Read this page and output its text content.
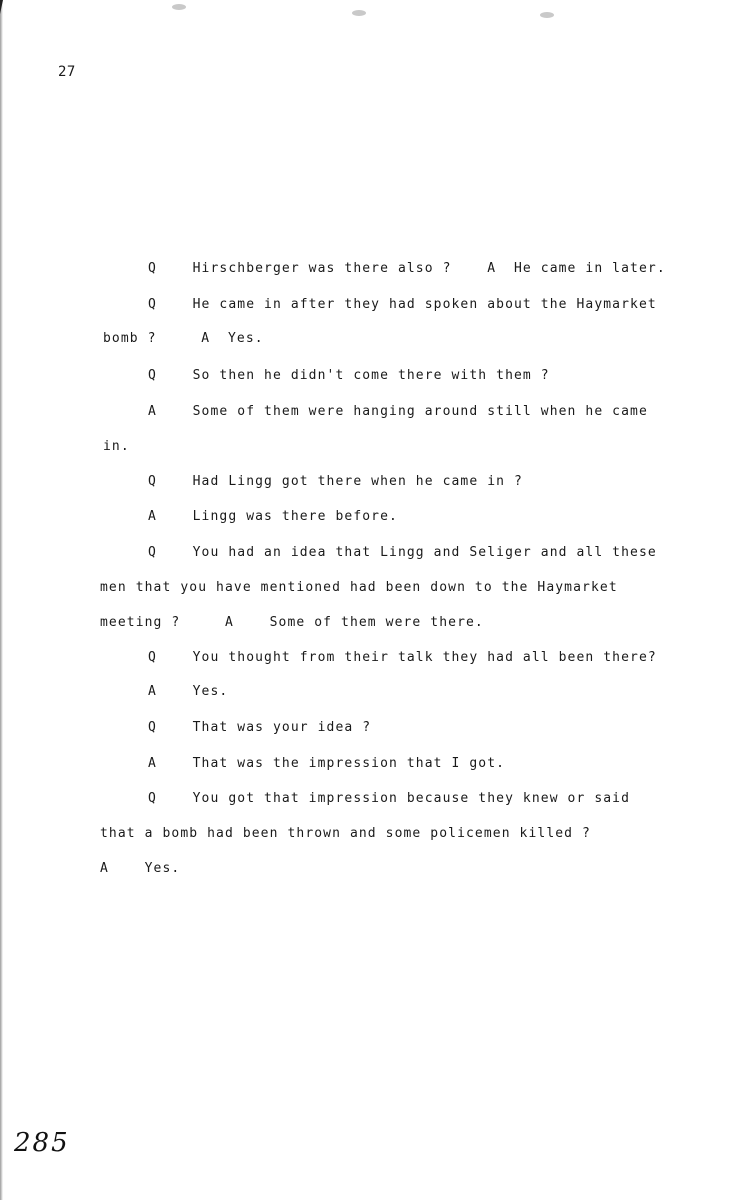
27
Q    Hirschberger was there also ?    A  He came in later.
Q    He came in after they had spoken about the Haymarket
bomb ?     A  Yes.
Q    So then he didn't come there with them ?
A    Some of them were hanging around still when he came
in.
Q    Had Lingg got there when he came in ?
A    Lingg was there before.
Q    You had an idea that Lingg and Seliger and all these
men that you have mentioned had been down to the Haymarket
meeting ?     A    Some of them were there.
Q    You thought from their talk they had all been there?
A    Yes.
Q    That was your idea ?
A    That was the impression that I got.
Q    You got that impression because they knew or said
that a bomb had been thrown and some policemen killed ?
A    Yes.
285
